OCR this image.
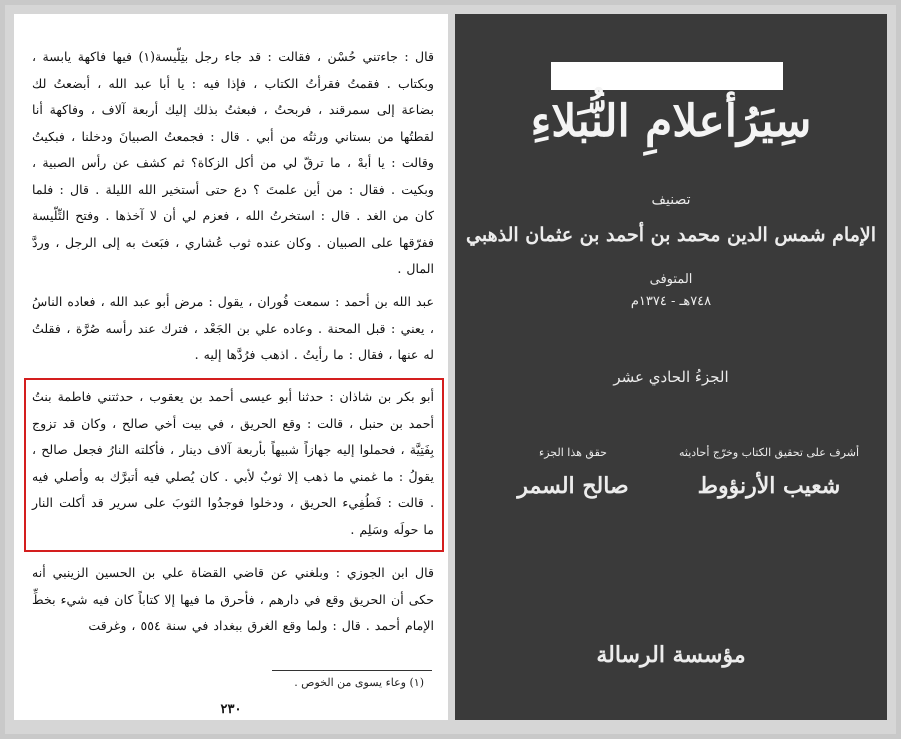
قال : جاءتني حُسْن ، فقالت : قد جاء رجل بتِلّيسة(١) فيها فاكهة يابسة ، وبكتاب . فقمتُ فقرأتُ الكتاب ، فإذا فيه : يا أبا عبد الله ، أبضعتُ لك بضاعة إلى سمرقند ، فربحتُ ، فبعثتُ بذلك إليك أربعة آلاف ، وفاكهة أنا لقطتُها من بستاني ورثتُه من أبي . قال : فجمعتُ الصبيانَ ودخلنا ، فبكيتُ وقالت : يا أبهْ ، ما ترقّ لي من أكل الزكاة؟ ثم كشف عن رأس الصبية ، وبكيت . فقال : من أين علمتَ ؟ دع حتى أستخير الله الليلة . قال : فلما كان من الغد . قال : استخرتُ الله ، فعزم لي أن لا آخذها . وفتح التِّلّيسة ففرّقها على الصبيان . وكان عنده ثوب عُشاري ، فبَعث به إلى الرجل ، وردَّ المال .
عبد الله بن أحمد : سمعت فُوران ، يقول : مرض أبو عبد الله ، فعاده الناسُ ، يعني : قبل المحنة . وعاده علي بن الجَعْد ، فترك عند رأسه صُرَّة ، فقلتُ له عنها ، فقال : ما رأيتُ . اذهب فرُدَّها إليه .
أبو بكر بن شاذان : حدثنا أبو عيسى أحمد بن يعقوب ، حدثتني فاطمة بنتُ أحمد بن حنبل ، قالت : وقع الحريق ، في بيت أخي صالح ، وكان قد تزوج بِفَتِيَّة ، فحملوا إليه جهازاً شبيهاً بأربعة آلاف دينار ، فأكلته النارُ فجعل صالح ، يقولُ : ما غمني ما ذهب إلا ثوبٌ لأبي . كان يُصلي فيه أتبرَّك به وأصلي فيه . قالت : فَطُفِيء الحريق ، ودخلوا فوجدُوا الثوبَ على سرير قد أكلت النار ما حولَه وسَلِم .
قال ابن الجوزي : وبلغني عن قاضي القضاة علي بن الحسين الزينبي أنه حكى أن الحريق وقع في دارهم ، فأحرق ما فيها إلا كتاباً كان فيه شيء بخطِّ الإمام أحمد . قال : ولما وقع الغرق ببغداد في سنة ٥٥٤ ، وغرقت
(١) وعاء يسوى من الخوص .
٢٣٠
سِيَرُأعلامِ النُّبَلاءِ
تصنيف
الإمام شمس الدين محمد بن أحمد بن عثمان الذهبي
المتوفى
٧٤٨هـ - ١٣٧٤م
الجزءُ الحادي عشر
أشرف على تحقيق الكتاب وخرّج أحاديثه
شعيب الأرنؤوط
حقق هذا الجزء
صالح السمر
مؤسسة الرسالة
